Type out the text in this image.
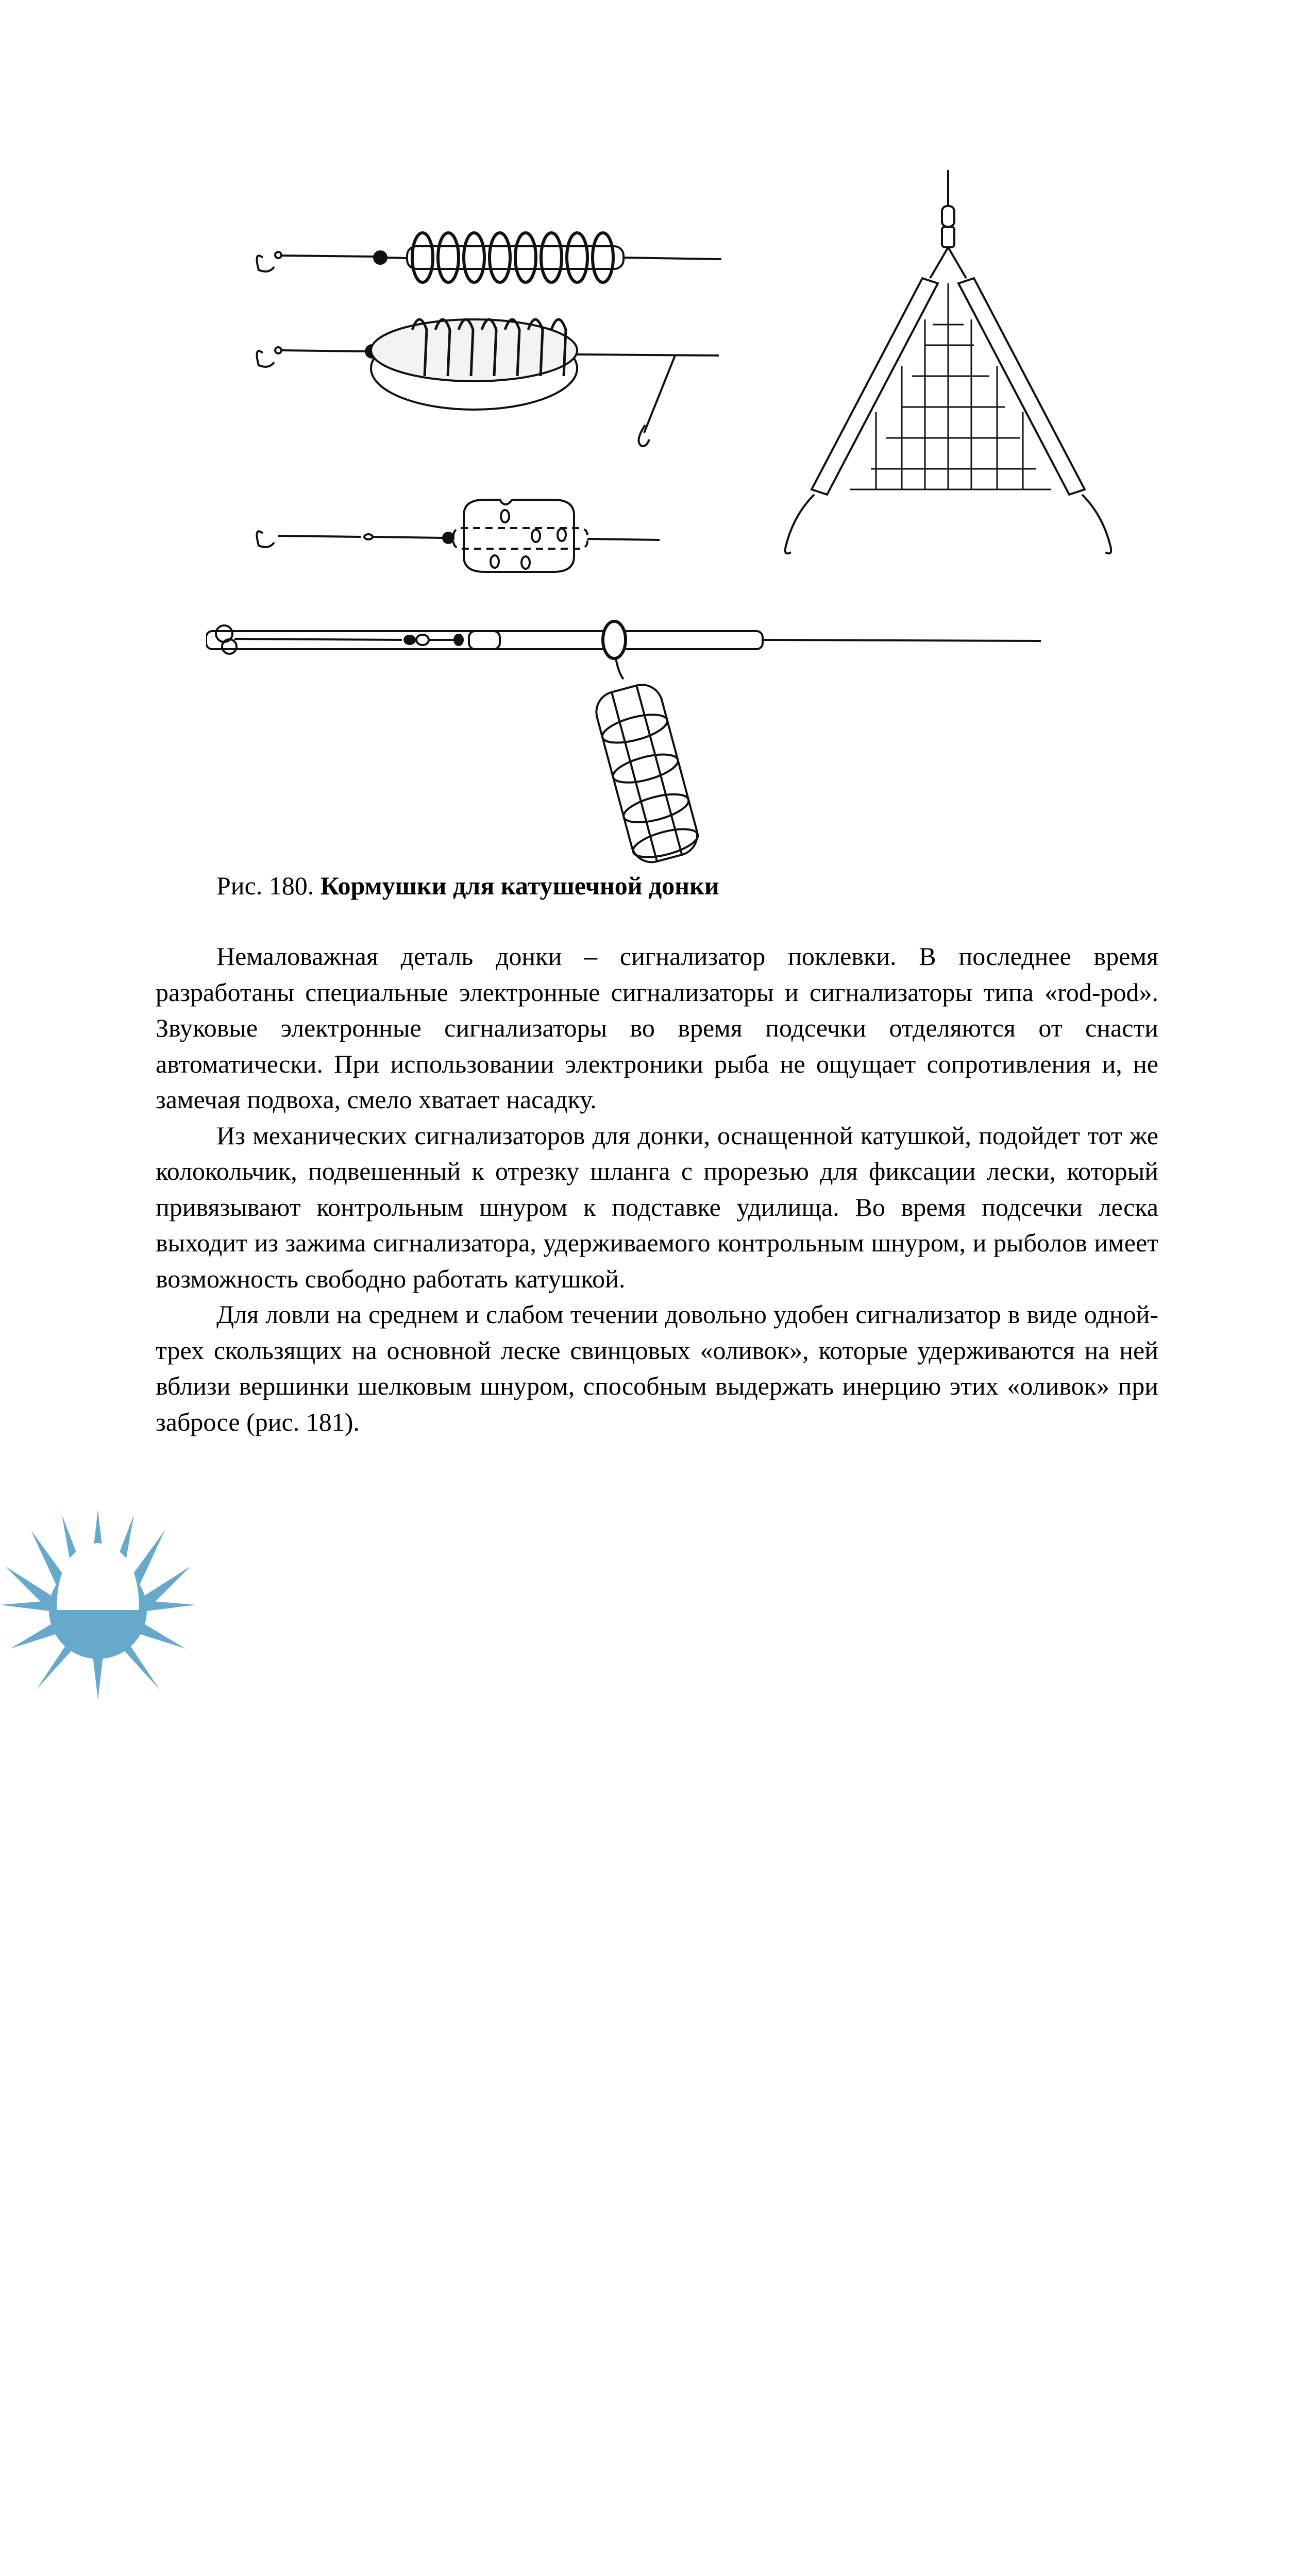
Рис. 180. Кормушки для катушечной донки

Немаловажная деталь донки – сигнализатор поклевки. В последнее время разработаны специальные электронные сигнализаторы и сигнализаторы типа «rod-pod». Звуковые электронные сигнализаторы во время подсечки отделяются от снасти автоматически. При использовании электроники рыба не ощущает сопротивления и, не замечая подвоха, смело хватает насадку.

Из механических сигнализаторов для донки, оснащенной катушкой, подойдет тот же колокольчик, подвешенный к отрезку шланга с прорезью для фиксации лески, который привязывают контрольным шнуром к подставке удилища. Во время подсечки леска выходит из зажима сигнализатора, удерживаемого контрольным шнуром, и рыболов имеет возможность свободно работать катушкой.

Для ловли на среднем и слабом течении довольно удобен сигнализатор в виде одной-трех скользящих на основной леске свинцовых «оливок», которые удерживаются на ней вблизи вершинки шелковым шнуром, способным выдержать инерцию этих «оливок» при забросе (рис. 181).
